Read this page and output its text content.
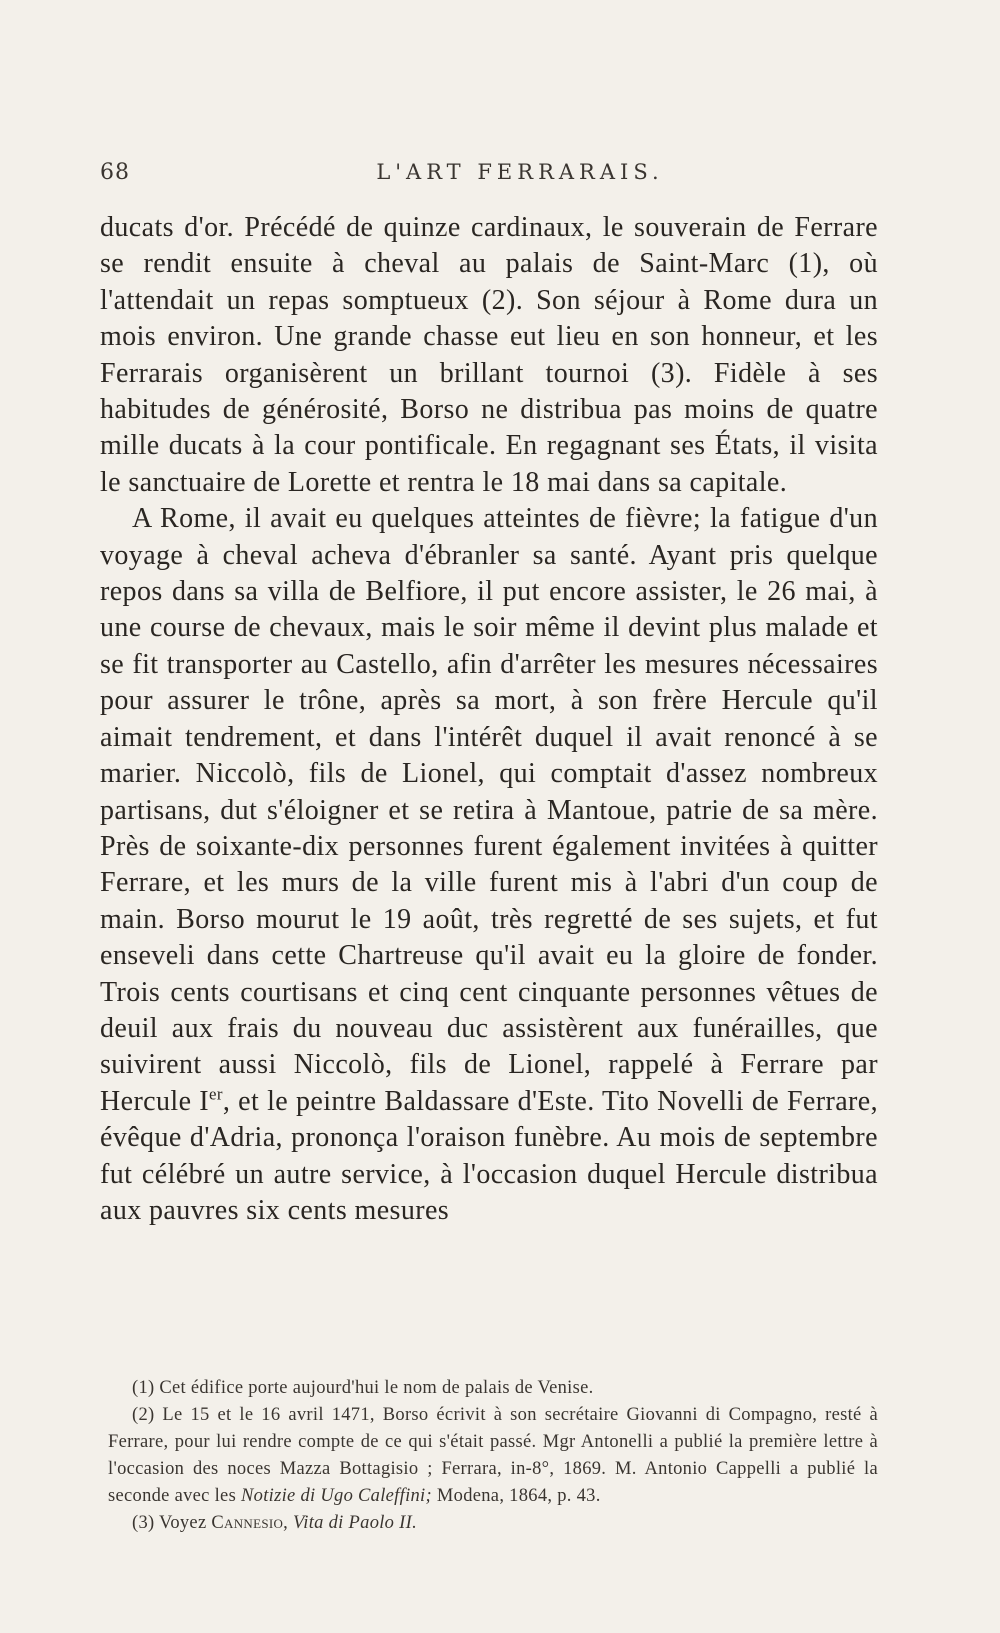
68	L'ART FERRARAIS.

ducats d'or. Précédé de quinze cardinaux, le souverain de Ferrare se rendit ensuite à cheval au palais de Saint-Marc (1), où l'attendait un repas somptueux (2). Son séjour à Rome dura un mois environ. Une grande chasse eut lieu en son honneur, et les Ferrarais organisèrent un brillant tournoi (3). Fidèle à ses habitudes de générosité, Borso ne distribua pas moins de quatre mille ducats à la cour pontificale. En regagnant ses États, il visita le sanctuaire de Lorette et rentra le 18 mai dans sa capitale.

A Rome, il avait eu quelques atteintes de fièvre; la fatigue d'un voyage à cheval acheva d'ébranler sa santé. Ayant pris quelque repos dans sa villa de Belfiore, il put encore assister, le 26 mai, à une course de chevaux, mais le soir même il devint plus malade et se fit transporter au Castello, afin d'arrêter les mesures nécessaires pour assurer le trône, après sa mort, à son frère Hercule qu'il aimait tendrement, et dans l'intérêt duquel il avait renoncé à se marier. Niccolò, fils de Lionel, qui comptait d'assez nombreux partisans, dut s'éloigner et se retira à Mantoue, patrie de sa mère. Près de soixante-dix personnes furent également invitées à quitter Ferrare, et les murs de la ville furent mis à l'abri d'un coup de main. Borso mourut le 19 août, très regretté de ses sujets, et fut enseveli dans cette Chartreuse qu'il avait eu la gloire de fonder. Trois cents courtisans et cinq cent cinquante personnes vêtues de deuil aux frais du nouveau duc assistèrent aux funérailles, que suivirent aussi Niccolò, fils de Lionel, rappelé à Ferrare par Hercule Ier, et le peintre Baldassare d'Este. Tito Novelli de Ferrare, évêque d'Adria, prononça l'oraison funèbre. Au mois de septembre fut célébré un autre service, à l'occasion duquel Hercule distribua aux pauvres six cents mesures

(1) Cet édifice porte aujourd'hui le nom de palais de Venise.

(2) Le 15 et le 16 avril 1471, Borso écrivit à son secrétaire Giovanni di Compagno, resté à Ferrare, pour lui rendre compte de ce qui s'était passé. Mgr Antonelli a publié la première lettre à l'occasion des noces Mazza Bottagisio ; Ferrara, in-8°, 1869. M. Antonio Cappelli a publié la seconde avec les Notizie di Ugo Caleffini; Modena, 1864, p. 43.

(3) Voyez Cannesio, Vita di Paolo II.
